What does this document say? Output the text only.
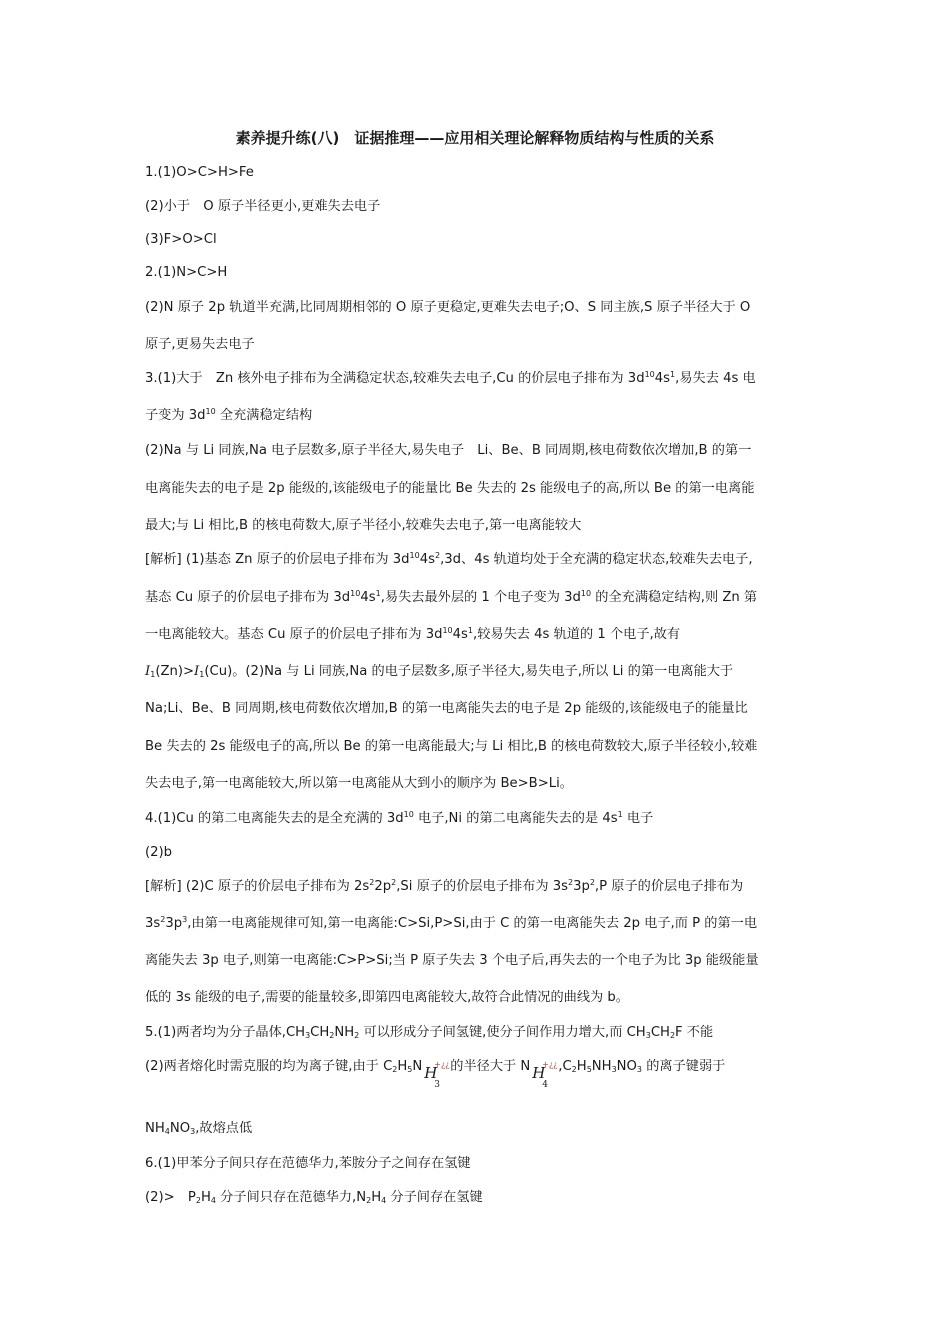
素养提升练(八)　证据推理——应用相关理论解释物质结构与性质的关系
1.(1)O>C>H>Fe
(2)小于　O 原子半径更小,更难失去电子
(3)F>O>Cl
2.(1)N>C>H
(2)N 原子 2p 轨道半充满,比同周期相邻的 O 原子更稳定,更难失去电子;O、S 同主族,S 原子半径大于 O
原子,更易失去电子
3.(1)大于　Zn 核外电子排布为全满稳定状态,较难失去电子,Cu 的价层电子排布为 $3d^{10}4s^1$,易失去 4s 电
子变为 $3d^{10}$ 全充满稳定结构
(2)Na 与 Li 同族,Na 电子层数多,原子半径大,易失电子　Li、Be、B 同周期,核电荷数依次增加,B 的第一
电离能失去的电子是 2p 能级的,该能级电子的能量比 Be 失去的 2s 能级电子的高,所以 Be 的第一电离能
最大;与 Li 相比,B 的核电荷数大,原子半径小,较难失去电子,第一电离能较大
[解析] (1)基态 Zn 原子的价层电子排布为 $3d^{10}4s^2,3d$、4s 轨道均处于全充满的稳定状态,较难失去电子,
基态 Cu 原子的价层电子排布为 $3d^{10}4s^1$,易失去最外层的 1 个电子变为 $3d^{10}$ 的全充满稳定结构,则 Zn 第
一电离能较大。基态 Cu 原子的价层电子排布为 $3d^{10}4s^1$,较易失去 4s 轨道的 1 个电子,故有
$I_1(Zn)>I_1(Cu)$。(2)Na 与 Li 同族,Na 的电子层数多,原子半径大,易失电子,所以 Li 的第一电离能大于
Na;Li、Be、B 同周期,核电荷数依次增加,B 的第一电离能失去的电子是 2p 能级的,该能级电子的能量比
Be 失去的 2s 能级电子的高,所以 Be 的第一电离能最大;与 Li 相比,B 的核电荷数较大,原子半径较小,较难
失去电子,第一电离能较大,所以第一电离能从大到小的顺序为 Be>B>Li。
4.(1)Cu 的第二电离能失去的是全充满的 $3d^{10}$ 电子,Ni 的第二电离能失去的是 $4s^1$ 电子
(2)b
[解析] (2)C 原子的价层电子排布为 $2s^22p^2,Si$ 原子的价层电子排布为 $3s^23p^2,P$ 原子的价层电子排布为
$3s^23p^3$,由第一电离能规律可知,第一电离能:C>Si,P>Si,由于 C 的第一电离能失去 2p 电子,而 P 的第一电
离能失去 3p 电子,则第一电离能:C>P>Si;当 P 原子失去 3 个电子后,再失去的一个电子为比 3p 能级能量
低的 3s 能级的电子,需要的能量较多,即第四电离能较大,故符合此情况的曲线为 b。
5.(1)两者均为分子晶体$,CH_3CH_2NH_2$ 可以形成分子间氢键,使分子间作用力增大,而 $CH_3CH_2F$ 不能
(2)两者熔化时需克服的均为离子键,由于 $C_2H_5N$ H
+¿¿
3
的半径大于 N H
+¿¿
4
$,C_2H_5NH_3NO_3$ 的离子键弱于
$NH_4NO_3$,故熔点低
6.(1)甲苯分子间只存在范德华力,苯胺分子之间存在氢键
(2)>　$P_2H_4$ 分子间只存在范德华力$,N_2H_4$ 分子间存在氢键
